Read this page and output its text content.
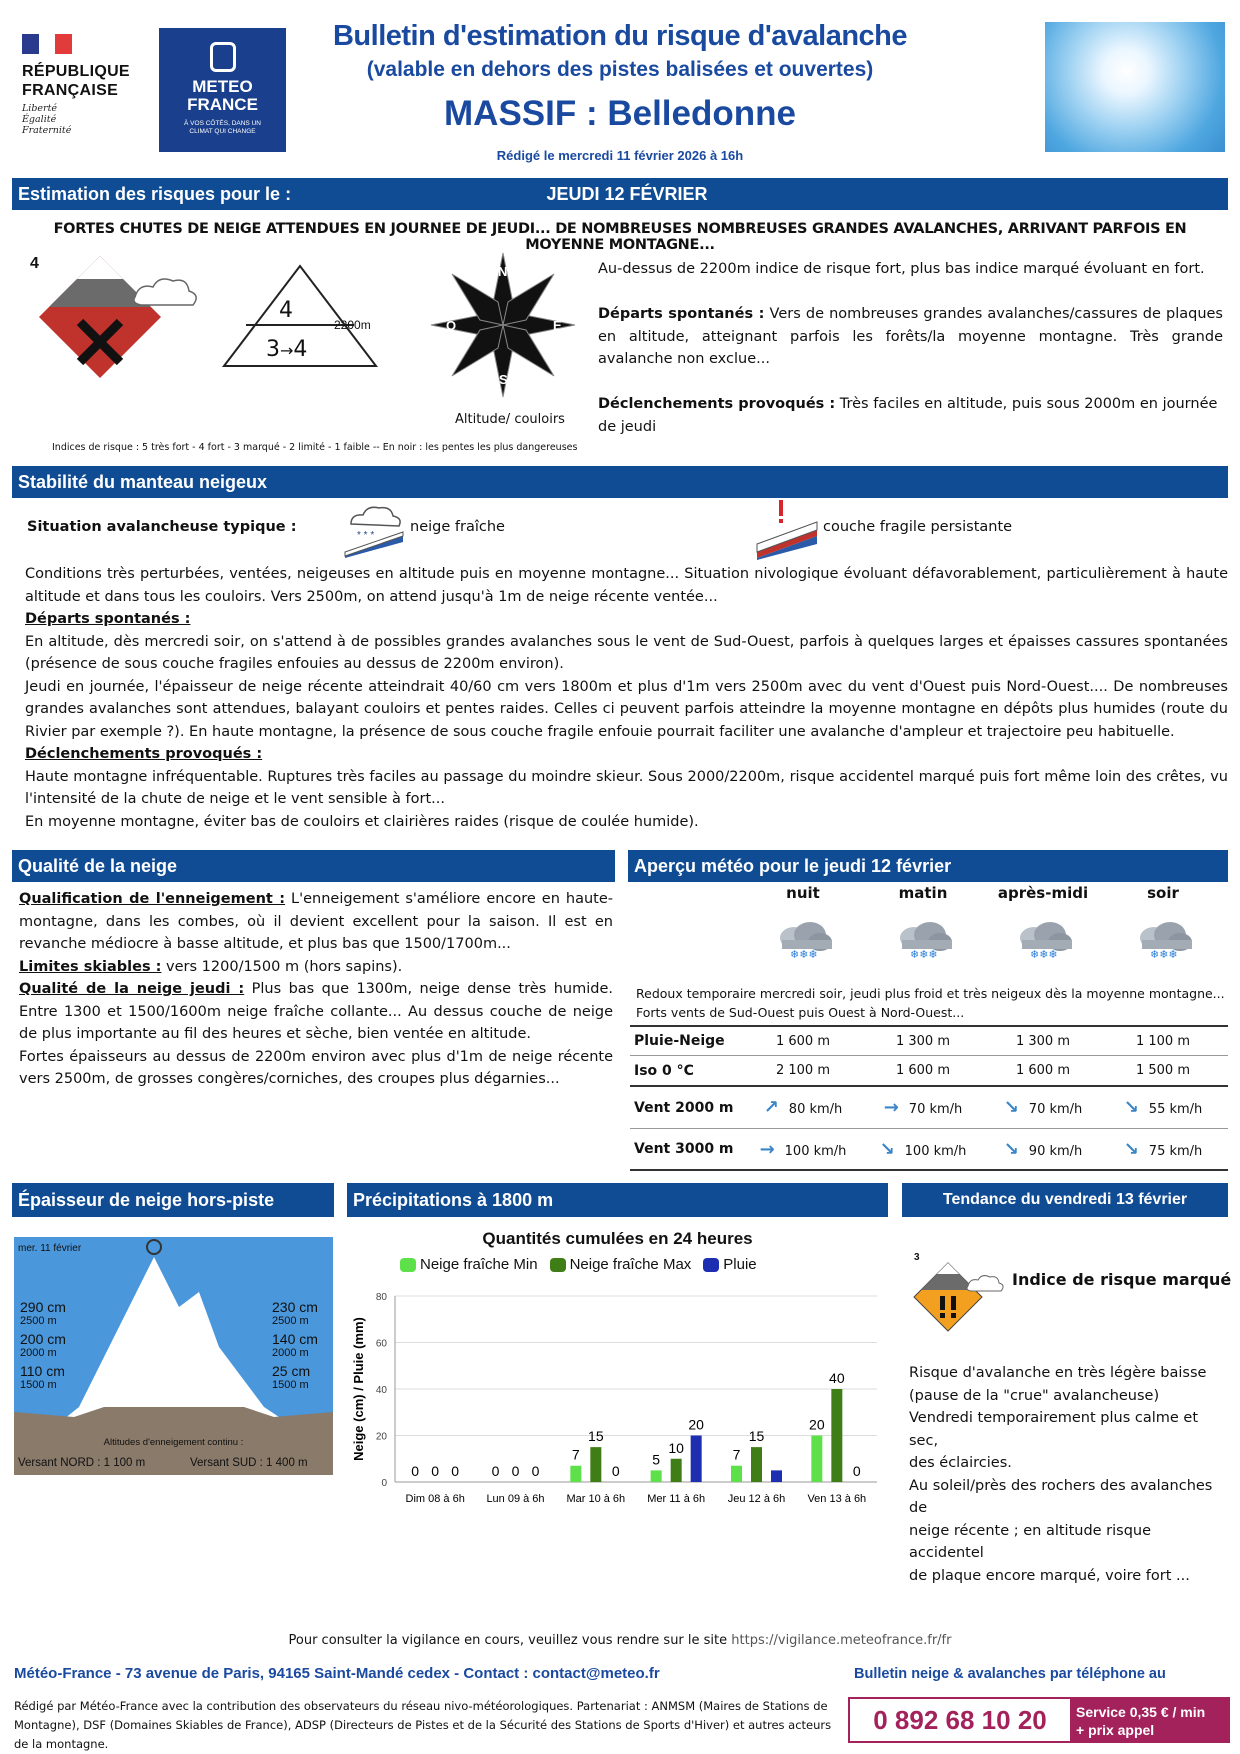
RÉPUBLIQUE
FRANÇAISE
Liberté
Égalité
Fraternité
METEO
FRANCE
À VOS CÔTÉS, DANS UN CLIMAT QUI CHANGE
Bulletin d'estimation du risque d'avalanche
(valable en dehors des pistes balisées et ouvertes)
MASSIF : Belledonne
Rédigé le mercredi 11 février 2026 à 16h
Estimation des risques pour le :	JEUDI 12 FÉVRIER
FORTES CHUTES DE NEIGE ATTENDUES EN JOURNEE DE JEUDI... DE NOMBREUSES NOMBREUSES GRANDES AVALANCHES, ARRIVANT PARFOIS EN MOYENNE MONTAGNE...
4
4
3→4
2200m
N
E
S
O
Altitude/ couloirs
Au-dessus de 2200m indice de risque fort, plus bas indice marqué évoluant en fort.
Départs spontanés : Vers de nombreuses grandes avalanches/cassures de plaques en altitude, atteignant parfois les forêts/la moyenne montagne. Très grande avalanche non exclue...
Déclenchements provoqués : Très faciles en altitude, puis sous 2000m en journée de jeudi
Indices de risque : 5 très fort - 4 fort - 3 marqué - 2 limité - 1 faible -- En noir : les pentes les plus dangereuses
Stabilité du manteau neigeux
Situation avalancheuse typique :
* * *
neige fraîche	couche fragile persistante
Conditions très perturbées, ventées, neigeuses en altitude puis en moyenne montagne... Situation nivologique évoluant défavorablement, particulièrement à haute altitude et dans tous les couloirs. Vers 2500m, on attend jusqu'à 1m de neige récente ventée...
Départs spontanés :
En altitude, dès mercredi soir, on s'attend à de possibles grandes avalanches sous le vent de Sud-Ouest, parfois à quelques larges et épaisses cassures spontanées (présence de sous couche fragiles enfouies au dessus de 2200m environ).
Jeudi en journée, l'épaisseur de neige récente atteindrait 40/60 cm vers 1800m et plus d'1m vers 2500m avec du vent d'Ouest puis Nord-Ouest.... De nombreuses grandes avalanches sont attendues, balayant couloirs et pentes raides. Celles ci peuvent parfois atteindre la moyenne montagne en dépôts plus humides (route du Rivier par exemple ?). En haute montagne, la présence de sous couche fragile enfouie pourrait faciliter une avalanche d'ampleur et trajectoire peu habituelle.
Déclenchements provoqués :
Haute montagne infréquentable. Ruptures très faciles au passage du moindre skieur. Sous 2000/2200m, risque accidentel marqué puis fort même loin des crêtes, vu l'intensité de la chute de neige et le vent sensible à fort...
En moyenne montagne, éviter bas de couloirs et clairières raides (risque de coulée humide).
Qualité de la neige
Qualification de l'enneigement : L'enneigement s'améliore encore en haute-montagne, dans les combes, où il devient excellent pour la saison. Il est en revanche médiocre à basse altitude, et plus bas que 1500/1700m...
Limites skiables : vers 1200/1500 m (hors sapins).
Qualité de la neige jeudi : Plus bas que 1300m, neige dense très humide. Entre 1300 et 1500/1600m neige fraîche collante... Au dessus couche de neige de plus importante au fil des heures et sèche, bien ventée en altitude.
Fortes épaisseurs au dessus de 2200m environ avec plus d'1m de neige récente vers 2500m, de grosses congères/corniches, des croupes plus dégarnies...
Aperçu météo pour le jeudi 12 février
nuit	matin	après-midi	soir
❄❄❄	❄❄❄	❄❄❄	❄❄❄
Redoux temporaire mercredi soir, jeudi plus froid et très neigeux dès la moyenne montagne... Forts vents de Sud-Ouest puis Ouest à Nord-Ouest...
Pluie-Neige	1 600 m	1 300 m	1 300 m	1 100 m
Iso 0 °C	2 100 m	1 600 m	1 600 m	1 500 m
Vent 2000 m	↗ 80 km/h	→ 70 km/h	↘ 70 km/h	↘ 55 km/h
Vent 3000 m	→ 100 km/h	↘ 100 km/h	↘ 90 km/h	↘ 75 km/h
Épaisseur de neige hors-piste
mer. 11 février
290 cm
2500 m
200 cm
2000 m
110 cm
1500 m
230 cm
2500 m
140 cm
2000 m
25 cm
1500 m
Altitudes d'enneigement continu :
Versant NORD : 1 100 m	Versant SUD : 1 400 m
Précipitations à 1800 m
Quantités cumulées en 24 heures
Neige fraîche Min	Neige fraîche Max	Pluie
Neige (cm) / Pluie (mm)
0
20
40
60
80
0 0 0
Dim 08 à 6h
0 0 0
Lun 09 à 6h
7
15
0
Mar 10 à 6h
5
10
20
Mer 11 à 6h
7
15
Jeu 12 à 6h
20
40
0
Ven 13 à 6h
Tendance du vendredi 13 février
3
Indice de risque marqué
Risque d'avalanche en très légère baisse
(pause de la "crue" avalancheuse)
Vendredi temporairement plus calme et sec,
des éclaircies.
Au soleil/près des rochers des avalanches de
neige récente ; en altitude risque accidentel
de plaque encore marqué, voire fort ...
Pour consulter la vigilance en cours, veuillez vous rendre sur le site https://vigilance.meteofrance.fr/fr
Météo-France - 73 avenue de Paris, 94165 Saint-Mandé cedex - Contact : contact@meteo.fr
Rédigé par Météo-France avec la contribution des observateurs du réseau nivo-météorologiques. Partenariat : ANMSM (Maires de Stations de Montagne), DSF (Domaines Skiables de France), ADSP (Directeurs de Pistes et de la Sécurité des Stations de Sports d'Hiver) et autres acteurs de la montagne.
Bulletin neige & avalanches par téléphone au
0 892 68 10 20	Service 0,35 € / min
+ prix appel
